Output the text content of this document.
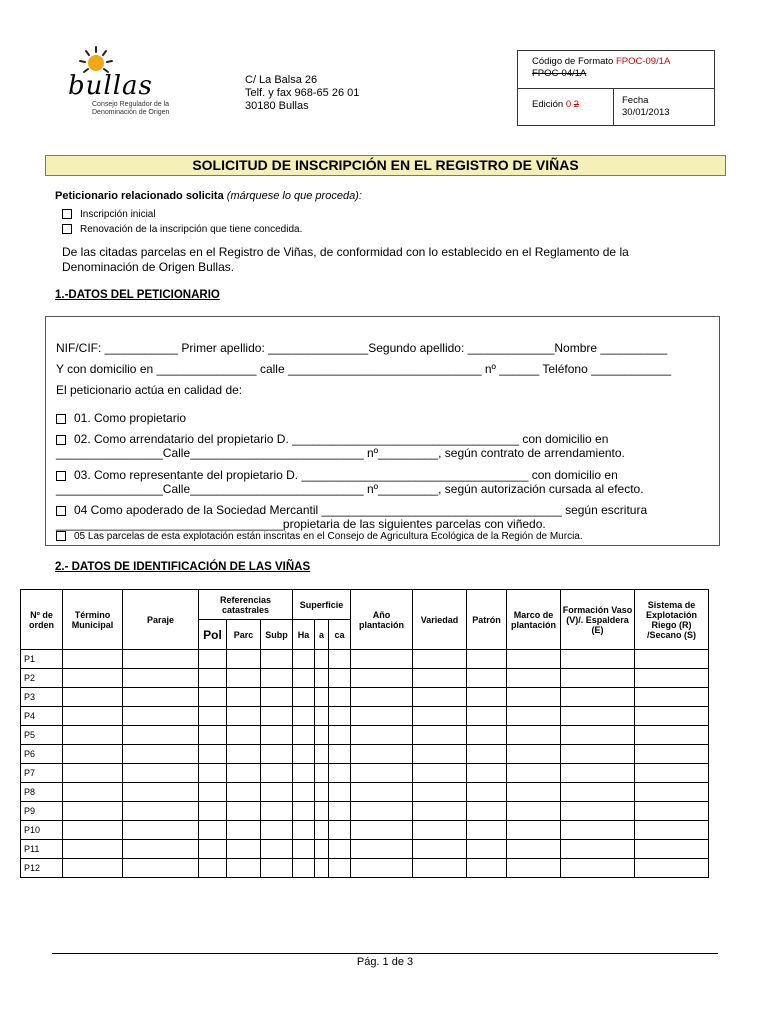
bullas
Consejo Regulador de la
Denominación de Origen
C/ La Balsa 26
Telf. y fax 968-65 26 01
30180 Bullas
Código de Formato FPOC-09/1A
FPOC-04/1A
Edición 0 2	Fecha
30/01/2013
SOLICITUD DE INSCRIPCIÓN EN EL REGISTRO DE VIÑAS
Peticionario relacionado solicita (márquese lo que proceda):
Inscripción inicial
Renovación de la inscripción que tiene concedida.
De las citadas parcelas en el Registro de Viñas, de conformidad con lo establecido en el Reglamento de la
Denominación de Origen Bullas.
1.-DATOS DEL PETICIONARIO
NIF/CIF: ___________ Primer apellido: _______________Segundo apellido: _____________Nombre __________
Y con domicilio en _______________ calle _____________________________ nº ______ Teléfono ____________
El peticionario actúa en calidad de:
01. Como propietario
02. Como arrendatario del propietario D. __________________________________ con domicilio en
________________Calle__________________________ nº_________, según contrato de arrendamiento.
03. Como representante del propietario D. __________________________________ con domicilio en
________________Calle__________________________ nº_________, según autorización cursada al efecto.
04 Como apoderado de la Sociedad Mercantil ____________________________________ según escritura
__________________________________propietaria de las siguientes parcelas con viñedo.
05 Las parcelas de esta explotación están inscritas en el Consejo de Agricultura Ecológica de la Región de Murcia.
2.- DATOS DE IDENTIFICACIÓN DE LAS VIÑAS
Nº de orden	Término Municipal	Paraje	Referencias catastrales			Superficie			Año plantación	Variedad	Patrón	Marco de plantación	Formación Vaso (V)/. Espaldera (E)	Sistema de Explotación Riego (R) /Secano (S)
			Pol	Parc	Subp	Ha	a	ca						
P1														
P2														
P3														
P4														
P5														
P6														
P7														
P8														
P9														
P10														
P11														
P12														
Pág. 1 de 3
